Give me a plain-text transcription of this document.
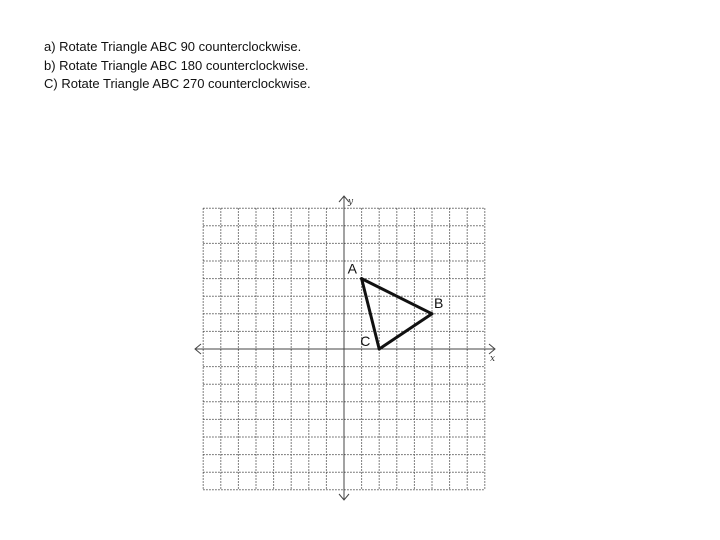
a) Rotate Triangle ABC 90 counterclockwise.
b) Rotate Triangle ABC 180 counterclockwise.
C) Rotate Triangle ABC 270 counterclockwise.
x
y
A
B
C
